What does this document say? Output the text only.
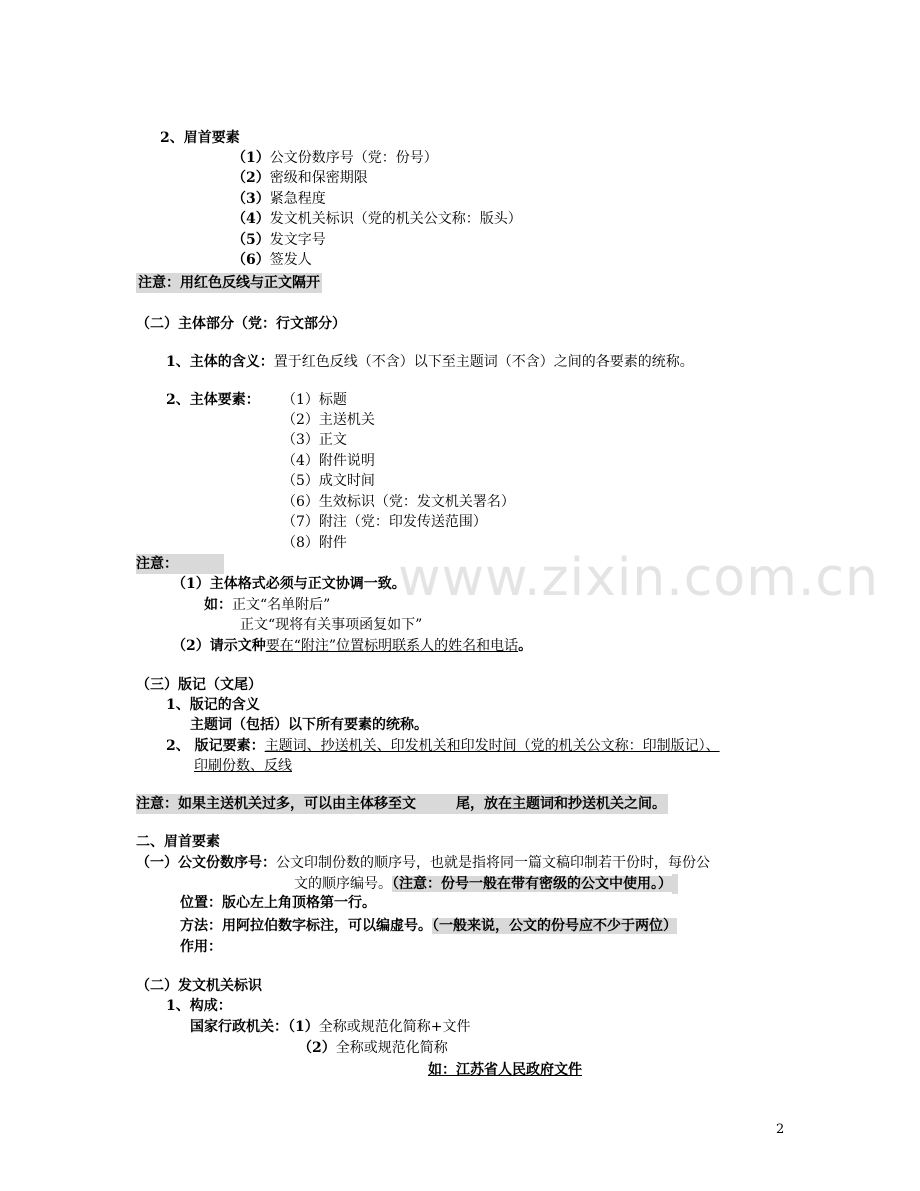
www.zixin.com.cn
2、眉首要素
（1）公文份数序号（党：份号）
（2）密级和保密期限
（3）紧急程度
（4）发文机关标识（党的机关公文称：版头）
（5）发文字号
（6）签发人
注意：用红色反线与正文隔开
（二）主体部分（党：行文部分）
1、主体的含义：置于红色反线（不含）以下至主题词（不含）之间的各要素的统称。
2、主体要素： （1）标题
（2）主送机关
（3）正文
（4）附件说明
（5）成文时间
（6）生效标识（党：发文机关署名）
（7）附注（党：印发传送范围）
（8）附件
注意：
（1）主体格式必须与正文协调一致。
如：正文“名单附后”
正文“现将有关事项函复如下”
（2）请示文种要在“附注”位置标明联系人的姓名和电话。
（三）版记（文尾）
1、版记的含义
主题词（包括）以下所有要素的统称。
2、 版记要素：主题词、抄送机关、印发机关和印发时间（党的机关公文称：印制版记）、
印刷份数、反线
注意：如果主送机关过多，可以由主体移至文	尾，放在主题词和抄送机关之间。
二、眉首要素
（一）公文份数序号：公文印制份数的顺序号，也就是指将同一篇文稿印制若干份时，每份公
文的顺序编号。（注意：份号一般在带有密级的公文中使用。）
位置：版心左上角顶格第一行。
方法：用阿拉伯数字标注，可以编虚号。（一般来说，公文的份号应不少于两位）
作用：
（二）发文机关标识
1、构成：
国家行政机关：（1）全称或规范化简称+文件
（2）全称或规范化简称
如：江苏省人民政府文件
2
